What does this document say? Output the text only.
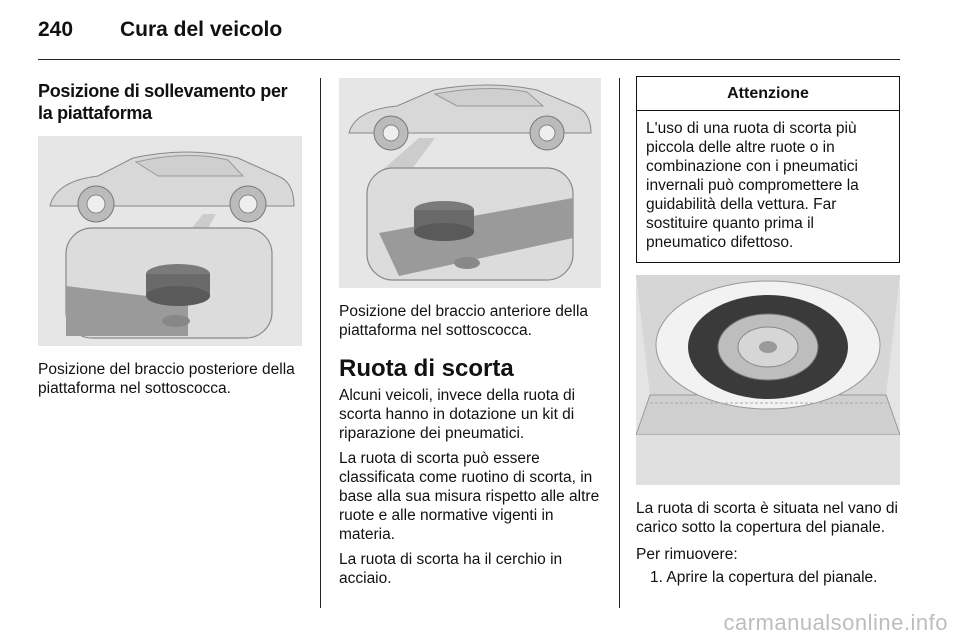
240 Cura del veicolo
Posizione di sollevamento per la piattaforma

Posizione del braccio posteriore della piattaforma nel sottoscocca.

Posizione del braccio anteriore della piattaforma nel sottoscocca.

Ruota di scorta

Alcuni veicoli, invece della ruota di scorta hanno in dotazione un kit di riparazione dei pneumatici.

La ruota di scorta può essere classificata come ruotino di scorta, in base alla sua misura rispetto alle altre ruote e alle normative vigenti in materia.

La ruota di scorta ha il cerchio in acciaio.

Attenzione
L'uso di una ruota di scorta più piccola delle altre ruote o in combinazione con i pneumatici invernali può compromettere la guidabilità della vettura. Far sostituire quanto prima il pneumatico difettoso.

La ruota di scorta è situata nel vano di carico sotto la copertura del pianale.

Per rimuovere:

1. Aprire la copertura del pianale.
carmanualsonline.info
